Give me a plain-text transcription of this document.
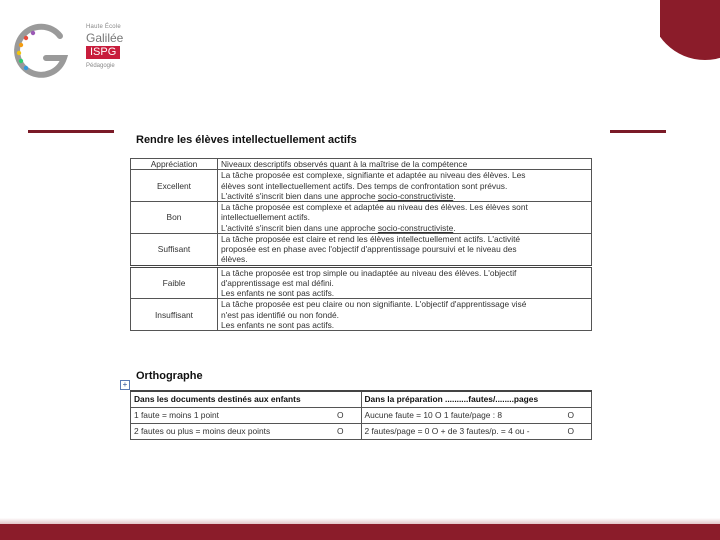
Haute École
Galilée
ISPG
Pédagogie
Rendre les élèves intellectuellement actifs
Appréciation	Niveaux descriptifs observés quant à la maîtrise de la compétence
Excellent	La tâche proposée est complexe, signifiante et adaptée au niveau des élèves. Les
élèves sont intellectuellement actifs. Des temps de confrontation sont prévus.
L'activité s'inscrit bien dans une approche socio-constructiviste.

Bon	La tâche proposée est complexe et adaptée au niveau des élèves. Les élèves sont
intellectuellement actifs.
L'activité s'inscrit bien dans une approche socio-constructiviste.

Suffisant	La tâche proposée est claire et rend les élèves intellectuellement actifs. L'activité
proposée est en phase avec l'objectif d'apprentissage poursuivi et le niveau des
élèves.

Faible	La tâche proposée est trop simple ou inadaptée au niveau des élèves. L'objectif
d'apprentissage est mal défini.
Les enfants ne sont pas actifs.

Insuffisant	La tâche proposée est peu claire ou non signifiante. L'objectif d'apprentissage visé
n'est pas identifié ou non fondé.
Les enfants ne sont pas actifs.
+
Orthographe
Dans les documents destinés aux enfants	Dans la préparation ..........fautes/........pages
1 faute = moins 1 point O	Aucune faute = 10 O 1 faute/page : 8 O

2 fautes ou plus = moins deux points O	2 fautes/page = 0 O + de 3 fautes/p. = 4 ou - O
